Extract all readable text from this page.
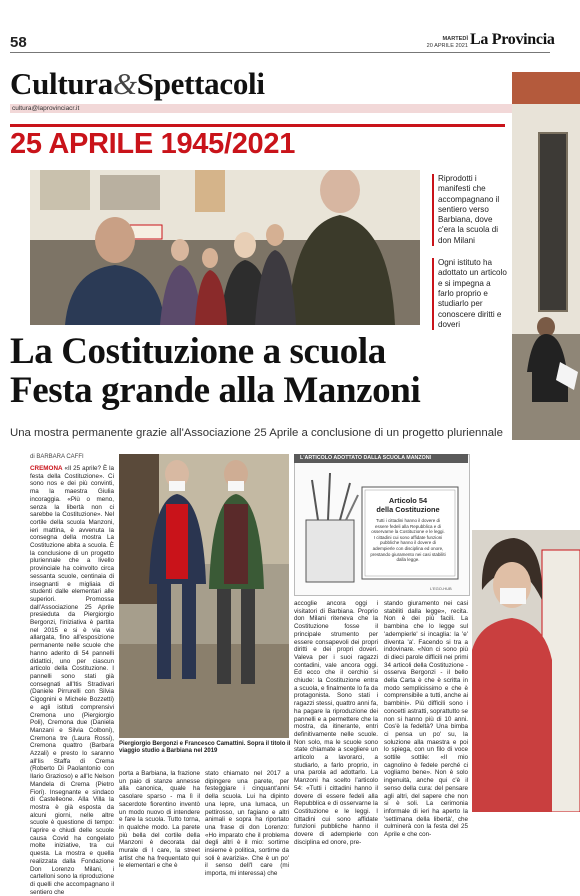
58	MARTEDÌ
20 APRILE 2021 La Provincia
Cultura&Spettacoli
cultura@laprovinciacr.it
25 APRILE 1945/2021
Riprodotti i manifesti che accompagnano il sentiero verso Barbiana, dove c'era la scuola di don Milani
Ogni istituto ha adottato un articolo e si impegna a farlo proprio e studiarlo per conoscere diritti e doveri
La Costituzione a scuola
Festa grande alla Manzoni
Una mostra permanente grazie all'Associazione 25 Aprile a conclusione di un progetto pluriennale
di BARBARA CAFFI
CREMONA «Il 25 aprile? È la festa della Costituzione». Ci sono nos e dei più convinti, ma la maestra Giulia incoraggia. «Più o meno, senza la libertà non ci sarebbe la Costituzione». Nel cortile della scuola Manzoni, ieri mattina, è avvenuta la consegna della mostra La Costituzione abita a scuola. È la conclusione di un progetto pluriennale che a livello provinciale ha coinvolto circa sessanta scuole, centinaia di insegnanti e migliaia di studenti dalle elementari alle superiori. Promossa dall'Associazione 25 Aprile presieduta da Piergiorgio Bergonzi, l'iniziativa è partita nel 2015 e si è via via allargata, fino all'esposizione permanente nelle scuole che hanno aderito di 54 pannelli didattici, uno per ciascun articolo della Costituzione. I pannelli sono stati già consegnati all'Itis Stradivari (Daniele Pirrurelli con Silvia Cigognini e Michele Bozzetti) e agli istituti comprensivi Cremona uno (Piergiorgio Poli), Cremona due (Daniela Manzani e Silvia Colboni), Cremona tre (Laura Rossi), Cremona quattro (Barbara Azzali) e presto lo saranno all'Iis Staffa di Crema (Roberto Di Paolantonio con Ilario Grazioso) e all'Ic Nelson Mandela di Crema (Pietro Fiori). Insegnante e sindaco di Castelleone. Alla Villa la mostra è già esposta da alcuni giorni, nelle altre scuole è questione di tempo: l'aprire e chiudi delle scuole causa Covid ha congelato molte iniziative, tra cui questa. La mostra e quella realizzata dalla Fondazione Don Lorenzo Milani, i cartelloni sono la riproduzione di quelli che accompagnano il sentiero che
Piergiorgio Bergonzi e Francesco Camattini. Sopra il titolo il viaggio studio a Barbiana nel 2019
porta a Barbiana, la frazione un paio di stanze annesse alla canonica, quale ha casolare sparso - ma lì il sacerdote fiorentino inventò un modo nuovo di intendere e fare la scuola. Tutto torna, in qualche modo. La parete più bella del cortile della Manzoni è decorata dal murale di I care, la street artist che ha frequentato qui le elementari e che è
stato chiamato nel 2017 a dipingere una parete, per festeggiare i cinquant'anni della scuola. Lui ha dipinto una lepre, una lumaca, un pettirosso, un fagiano e altri animali e sopra ha riportato una frase di don Lorenzo: «Ho imparato che il problema degli altri è il mio: sortirne insieme è politica, sortirne da soli è avarizia». Che è un po' il senso dell'I care (mi importa, mi interessa) che
L'ARTICOLO ADOTTATO DALLA SCUOLA MANZONI
Articolo 54
della Costituzione
Tutti i cittadini hanno il dovere di essere fedeli alla Repubblica e di osservarne la Costituzione e le leggi. I cittadini cui sono affidate funzioni pubbliche hanno il dovere di adempierle con disciplina ed onore, prestando giuramento nei casi stabiliti dalla legge.
L'EGO-HUB
accoglie ancora oggi i visitatori di Barbiana. Proprio don Milani riteneva che la Costituzione fosse il principale strumento per essere consapevoli dei propri diritti e dei propri doveri. Valeva per i suoi ragazzi contadini, vale ancora oggi. Ed ecco che il cerchio si chiude: la Costituzione entra a scuola, e finalmente lo fa da protagonista. Sono stati i ragazzi stessi, quattro anni fa, ha pagare la riproduzione dei pannelli e a permettere che la mostra, da itinerante, entri definitivamente nelle scuole. Non solo, ma le scuole sono state chiamate a scegliere un articolo a lavorarci, a studiarlo, a farlo proprio, in una parola ad adottarlo. La Manzoni ha scelto l'articolo 54: «Tutti i cittadini hanno il dovere di essere fedeli alla Repubblica e di osservarne la Costituzione e le leggi. I cittadini cui sono affidate funzioni pubbliche hanno il dovere di adempierle con disciplina ed onore, pre-
stando giuramento nei casi stabiliti dalla legge», recita. Non è dei più facili. La bambina che lo legge sul 'adempierle' si incaglia: la 'e' diventa 'a'. Facendo si tra a indovinare. «Non ci sono più di dieci parole difficili nei primi 34 articoli della Costituzione - osserva Bergonzi - il bello della Carta è che è scritta in modo semplicissimo e che è comprensibile a tutti, anche ai bambini». Più difficili sono i concetti astratti, soprattutto se non si hanno più di 10 anni. Cos'è la fedeltà? Una bimba ci pensa un po' su, la soluzione alla maestra e poi lo spiega, con un filo di voce sottile sottile: «Il mio cagnolino è fedele perché ci vogliamo bene». Non è solo ingenuità, anche qui c'è il senso della cura: del pensare agli altri, del sapere che non si è soli. La cerimonia informale di ieri ha aperto la 'settimana della libertà', che culminerà con la festa del 25 Aprile e che con-
